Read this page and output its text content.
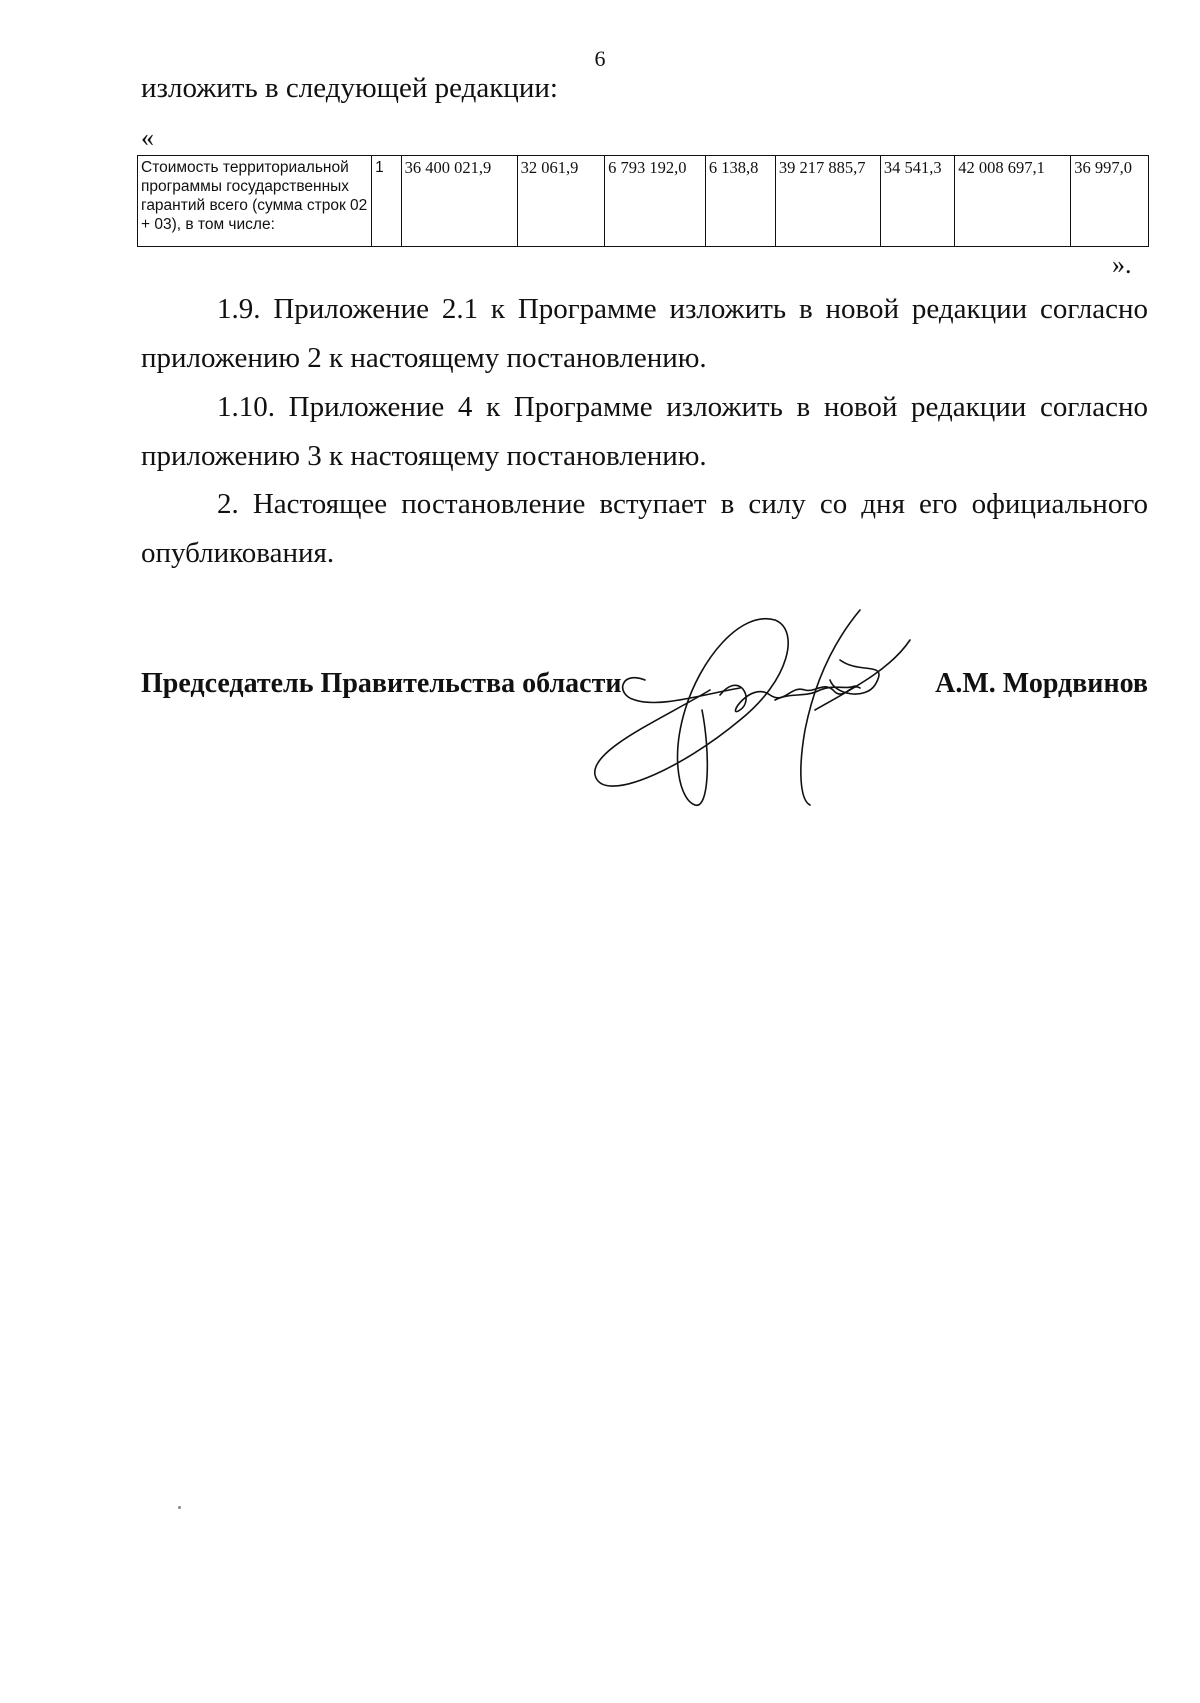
6
изложить в следующей редакции:
«
Стоимость территориальной программы государственных гарантий всего (сумма строк 02 + 03), в том числе:	1	36 400 021,9	32 061,9	6 793 192,0	6 138,8	39 217 885,7	34 541,3	42 008 697,1	36 997,0
».

1.9. Приложение 2.1 к Программе изложить в новой редакции согласно приложению 2 к настоящему постановлению.

1.10. Приложение 4 к Программе изложить в новой редакции согласно приложению 3 к настоящему постановлению.

2. Настоящее постановление вступает в силу со дня его официального опубликования.

Председатель Правительства области	А.М. Мордвинов
